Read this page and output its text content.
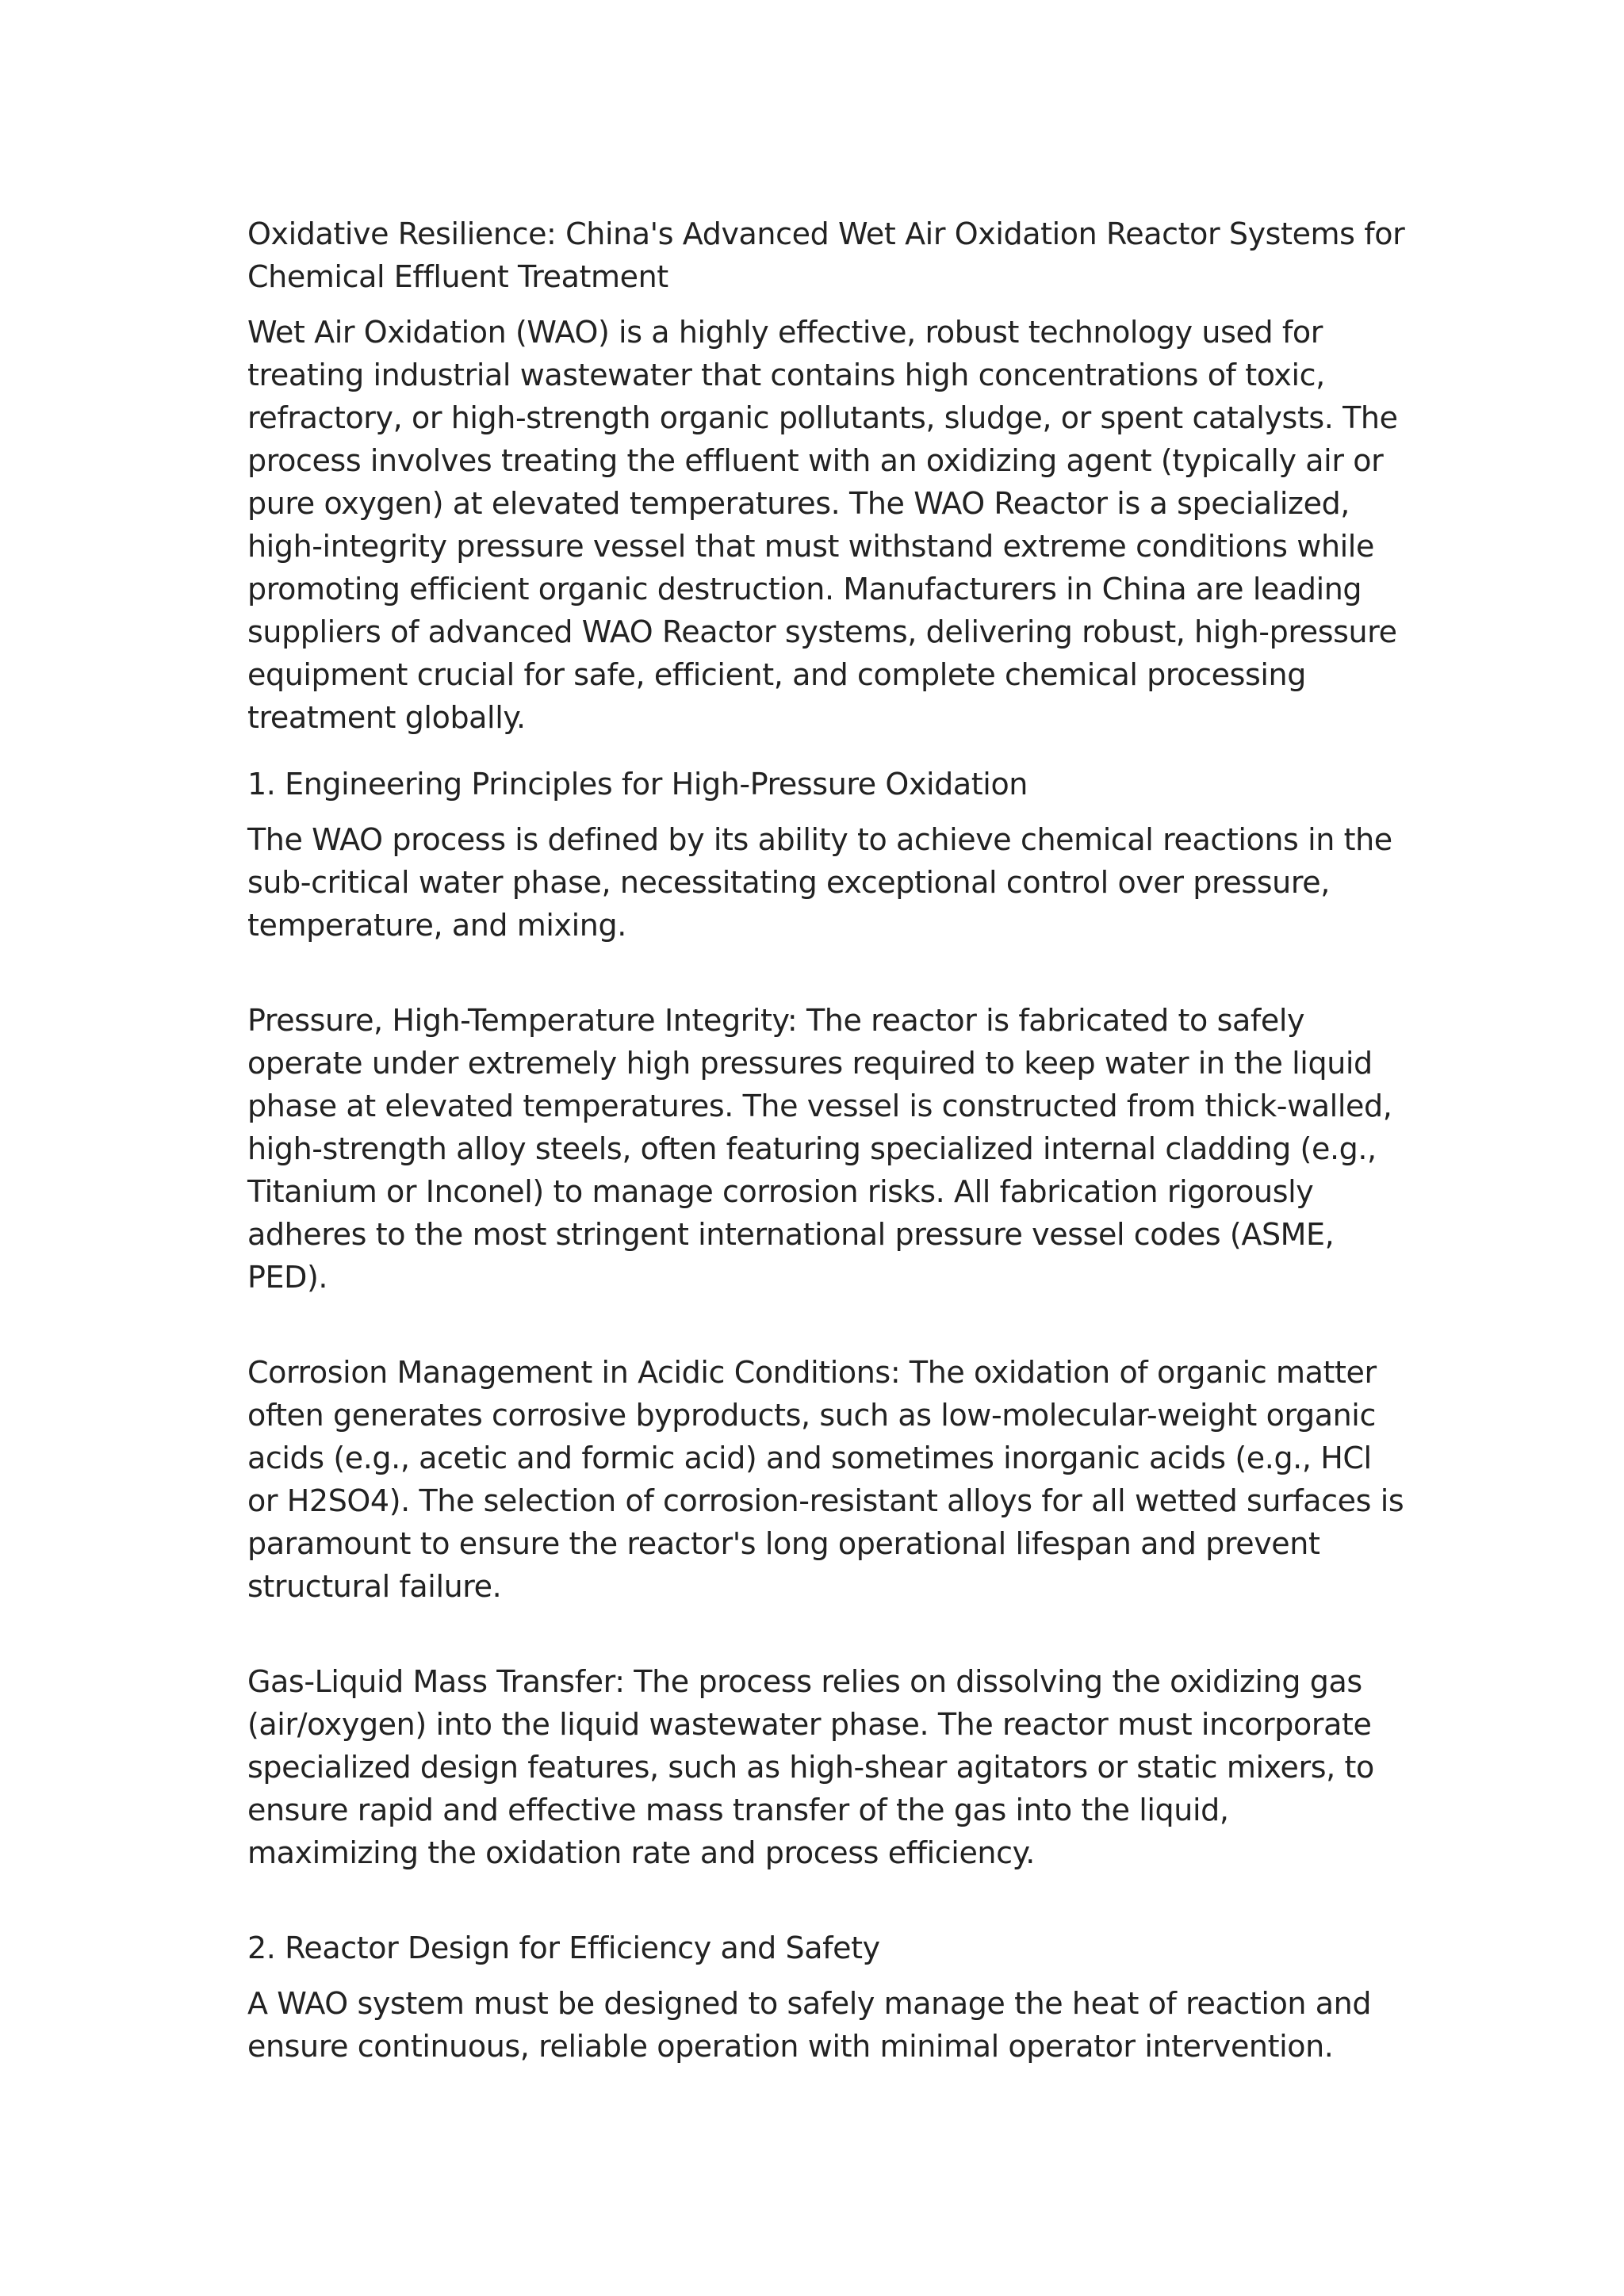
Oxidative Resilience: China's Advanced Wet Air Oxidation Reactor Systems for Chemical Effluent Treatment

Wet Air Oxidation (WAO) is a highly effective, robust technology used for treating industrial wastewater that contains high concentrations of toxic, refractory, or high-strength organic pollutants, sludge, or spent catalysts. The process involves treating the effluent with an oxidizing agent (typically air or pure oxygen) at elevated temperatures. The WAO Reactor is a specialized, high-integrity pressure vessel that must withstand extreme conditions while promoting efficient organic destruction. Manufacturers in China are leading suppliers of advanced WAO Reactor systems, delivering robust, high-pressure equipment crucial for safe, efficient, and complete chemical processing treatment globally.

1. Engineering Principles for High-Pressure Oxidation

The WAO process is defined by its ability to achieve chemical reactions in the sub-critical water phase, necessitating exceptional control over pressure, temperature, and mixing.

Pressure, High-Temperature Integrity: The reactor is fabricated to safely operate under extremely high pressures required to keep water in the liquid phase at elevated temperatures. The vessel is constructed from thick-walled, high-strength alloy steels, often featuring specialized internal cladding (e.g., Titanium or Inconel) to manage corrosion risks. All fabrication rigorously adheres to the most stringent international pressure vessel codes (ASME, PED).

Corrosion Management in Acidic Conditions: The oxidation of organic matter often generates corrosive byproducts, such as low-molecular-weight organic acids (e.g., acetic and formic acid) and sometimes inorganic acids (e.g., HCl or H2SO4). The selection of corrosion-resistant alloys for all wetted surfaces is paramount to ensure the reactor's long operational lifespan and prevent structural failure.

Gas-Liquid Mass Transfer: The process relies on dissolving the oxidizing gas (air/oxygen) into the liquid wastewater phase. The reactor must incorporate specialized design features, such as high-shear agitators or static mixers, to ensure rapid and effective mass transfer of the gas into the liquid, maximizing the oxidation rate and process efficiency.

2. Reactor Design for Efficiency and Safety

A WAO system must be designed to safely manage the heat of reaction and ensure continuous, reliable operation with minimal operator intervention.
